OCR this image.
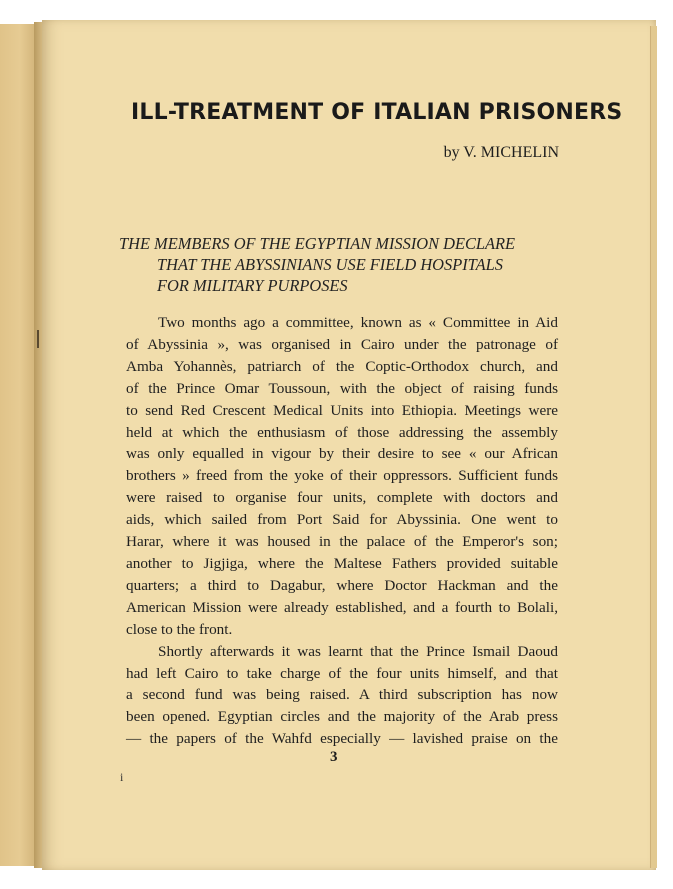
ILL-TREATMENT OF ITALIAN PRISONERS

by V. MICHELIN

THE MEMBERS OF THE EGYPTIAN MISSION DECLARE
THAT THE ABYSSINIANS USE FIELD HOSPITALS
FOR MILITARY PURPOSES
Two months ago a committee, known as « Committee in Aid
of Abyssinia », was organised in Cairo under the patronage of
Amba Yohannès, patriarch of the Coptic-Orthodox church, and
of the Prince Omar Toussoun, with the object of raising funds
to send Red Crescent Medical Units into Ethiopia. Meetings were
held at which the enthusiasm of those addressing the assembly
was only equalled in vigour by their desire to see « our African
brothers » freed from the yoke of their oppressors. Sufficient funds
were raised to organise four units, complete with doctors and
aids, which sailed from Port Said for Abyssinia. One went to
Harar, where it was housed in the palace of the Emperor's son;
another to Jigjiga, where the Maltese Fathers provided suitable
quarters; a third to Dagabur, where Doctor Hackman and the
American Mission were already established, and a fourth to Bolali,
close to the front.
Shortly afterwards it was learnt that the Prince Ismail Daoud
had left Cairo to take charge of the four units himself, and that
a second fund was being raised. A third subscription has now
been opened. Egyptian circles and the majority of the Arab press
— the papers of the Wahfd especially — lavished praise on the

3

i
